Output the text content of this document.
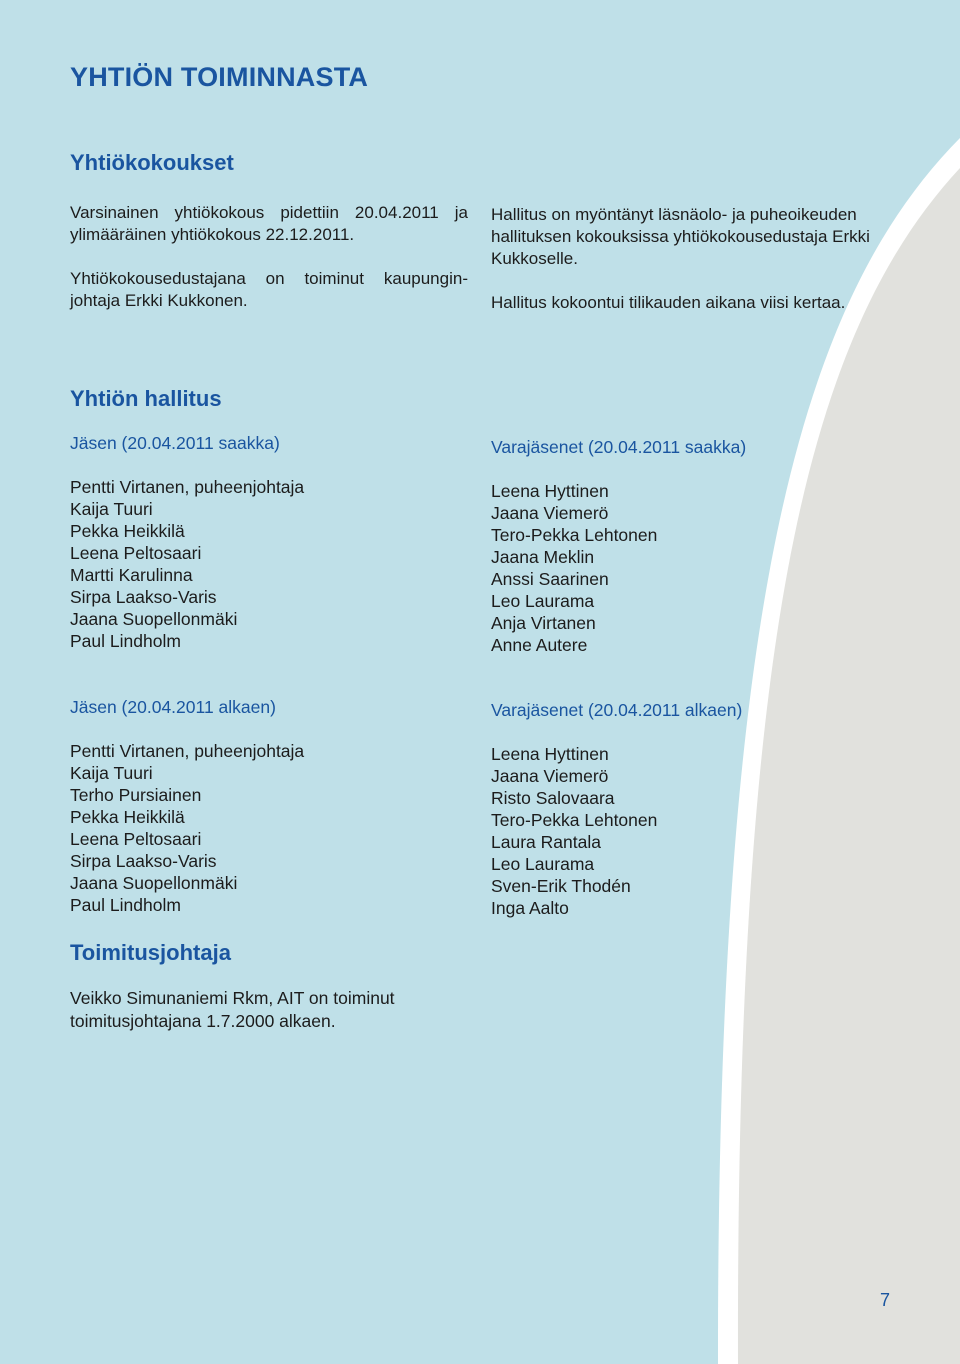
YHTIÖN TOIMINNASTA
Yhtiökokoukset

Varsinainen yhtiökokous pidettiin 20.04.2011 ja ylimääräinen yhtiökokous 22.12.2011.

Yhtiökokousedustajana on toiminut kaupungin-johtaja Erkki Kukkonen.

Hallitus on myöntänyt läsnäolo- ja puheoikeuden hallituksen kokouksissa yhtiökokousedustaja Erkki Kukkoselle.

Hallitus kokoontui tilikauden aikana viisi kertaa.

Yhtiön hallitus

Jäsen (20.04.2011 saakka)

Pentti Virtanen, puheenjohtaja
Kaija Tuuri
Pekka Heikkilä
Leena Peltosaari
Martti Karulinna
Sirpa Laakso-Varis
Jaana Suopellonmäki
Paul Lindholm

Varajäsenet (20.04.2011 saakka)

Leena Hyttinen
Jaana Viemerö
Tero-Pekka Lehtonen
Jaana Meklin
Anssi Saarinen
Leo Laurama
Anja Virtanen
Anne Autere

Jäsen (20.04.2011 alkaen)

Pentti Virtanen, puheenjohtaja
Kaija Tuuri
Terho Pursiainen
Pekka Heikkilä
Leena Peltosaari
Sirpa Laakso-Varis
Jaana Suopellonmäki
Paul Lindholm

Varajäsenet (20.04.2011 alkaen)

Leena Hyttinen
Jaana Viemerö
Risto Salovaara
Tero-Pekka Lehtonen
Laura Rantala
Leo Laurama
Sven-Erik Thodén
Inga Aalto
Toimitusjohtaja

Veikko Simunaniemi Rkm, AIT on toiminut

toimitusjohtajana 1.7.2000 alkaen.

7
